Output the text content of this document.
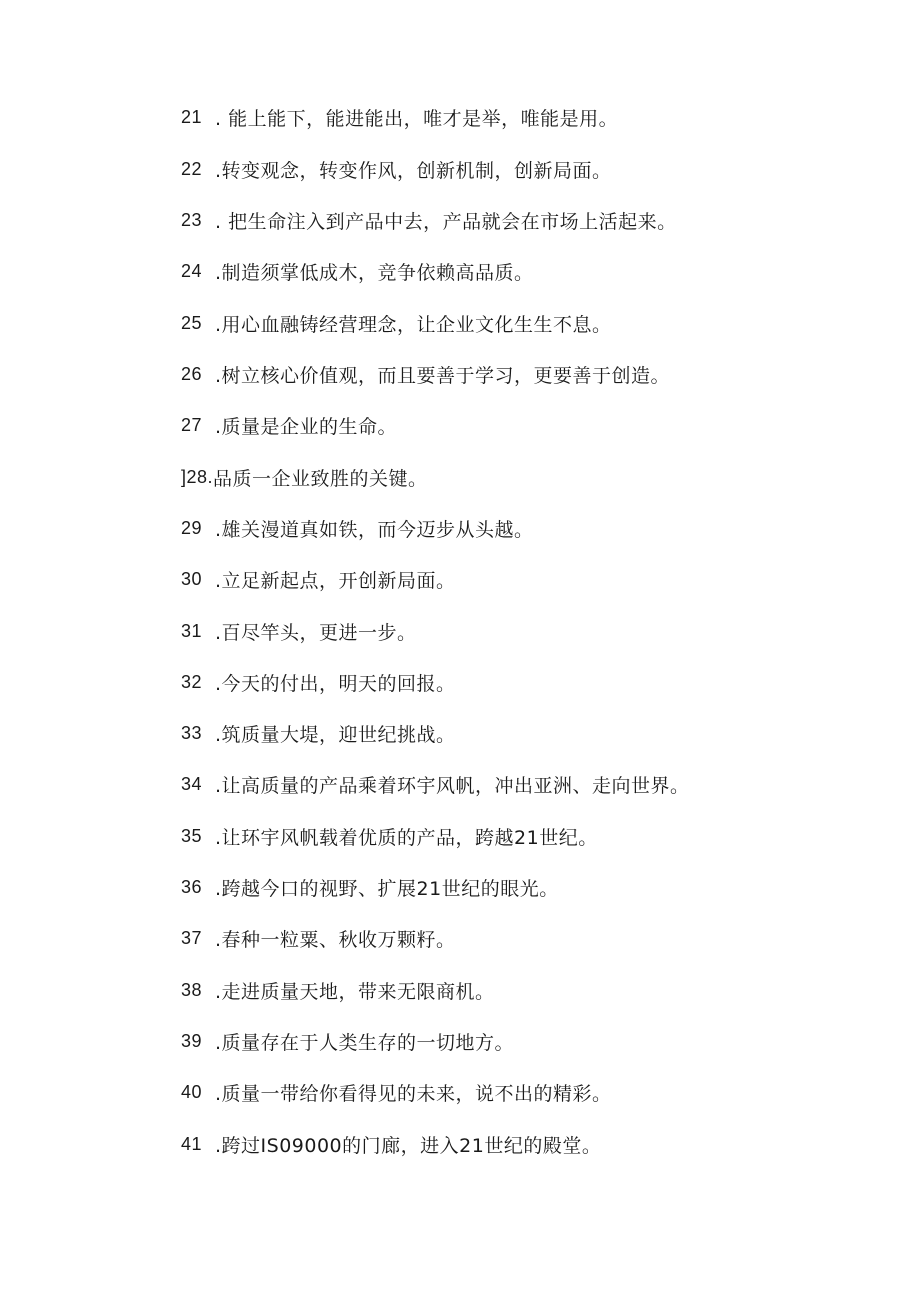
21 . 能上能下，能进能出，唯才是举，唯能是用。
22 .转变观念，转变作风，创新机制，创新局面。
23 . 把生命注入到产品中去，产品就会在市场上活起来。
24 .制造须掌低成木，竞争依赖高品质。
25 .用心血融铸经营理念，让企业文化生生不息。
26 .树立核心价值观，而且要善于学习，更要善于创造。
27 .质量是企业的生命。
]28. 品质一企业致胜的关键。
29 .雄关漫道真如铁，而今迈步从头越。
30 .立足新起点，开创新局面。
31 .百尽竿头，更进一步。
32 .今天的付出，明天的回报。
33 .筑质量大堤，迎世纪挑战。
34 .让高质量的产品乘着环宇风帆，冲出亚洲、走向世界。
35 .让环宇风帆载着优质的产品，跨越21世纪。
36 .跨越今口的视野、扩展21世纪的眼光。
37 .春种一粒粟、秋收万颗籽。
38 .走进质量天地，带来无限商机。
39 .质量存在于人类生存的一切地方。
40 .质量一带给你看得见的未来，说不出的精彩。
41 .跨过IS09000的门廊，进入21世纪的殿堂。
